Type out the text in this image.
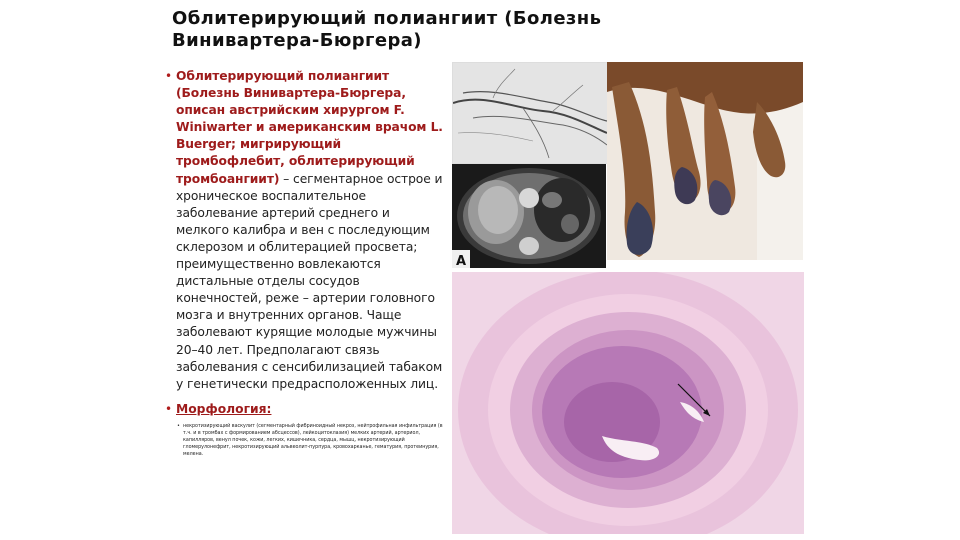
Облитерирующий полиангиит (Болезнь Винивартера-Бюргера)
• Облитерирующий полиангиит (Болезнь Винивартера-Бюргера, описан австрийским хирургом F. Winiwarter и американским врачом L. Buerger; мигрирующий тромбофлебит, облитерирующий тромбоангиит) – сегментарное острое и хроническое воспалительное заболевание артерий среднего и мелкого калибра и вен с последующим склерозом и облитерацией просвета; преимущественно вовлекаются дистальные отделы сосудов конечностей, реже – артерии головного мозга и внутренних органов. Чаще заболевают курящие молодые мужчины 20–40 лет. Предполагают связь заболевания с сенсибилизацией табаком у генетически предрасположенных лиц.
• Морфология:
• некротизирующий васкулит (сегментарный фибриноидный некроз, нейтрофильная инфильтрация (в т.ч. и в тромбах с формированием абсцессов), лейкоцитоклазия) мелких артерий, артериол, капилляров, венул почек, кожи, легких, кишечника, сердца, мышц, некротизирующий гломерулонефрит, некротизирующий альвеолит-пурпура, кровохарканье, гематурия, протеинурия, мелена.
A
